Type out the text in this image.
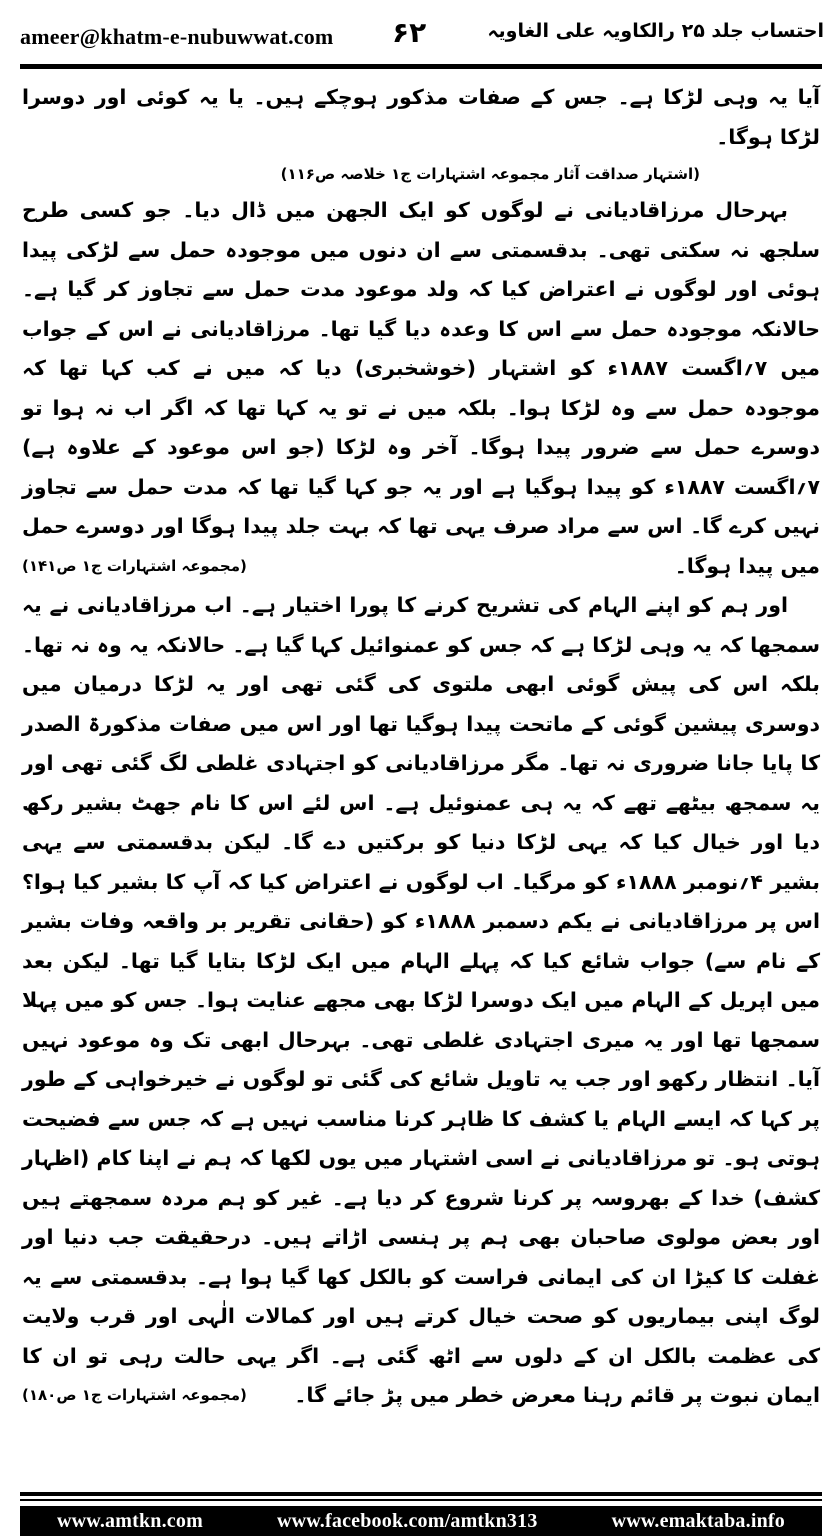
ameer@khatm-e-nubuwwat.com ۶۲	احتساب جلد ۲۵ رالکاویہ علی الغاویہ

آیا یہ وہی لڑکا ہے۔ جس کے صفات مذکور ہوچکے ہیں۔ یا یہ کوئی اور دوسرا لڑکا ہوگا۔

(اشتہار صداقت آثار مجموعہ اشتہارات ج۱ خلاصہ ص۱۱۶)

بہرحال مرزاقادیانی نے لوگوں کو ایک الجھن میں ڈال دیا۔ جو کسی طرح سلجھ نہ سکتی تھی۔ بدقسمتی سے ان دنوں میں موجودہ حمل سے لڑکی پیدا ہوئی اور لوگوں نے اعتراض کیا کہ ولد موعود مدت حمل سے تجاوز کر گیا ہے۔ حالانکہ موجودہ حمل سے اس کا وعدہ دیا گیا تھا۔ مرزاقادیانی نے اس کے جواب میں ۷؍اگست ۱۸۸۷ء کو اشتہار (خوشخبری) دیا کہ میں نے کب کہا تھا کہ موجودہ حمل سے وہ لڑکا ہوا۔ بلکہ میں نے تو یہ کہا تھا کہ اگر اب نہ ہوا تو دوسرے حمل سے ضرور پیدا ہوگا۔ آخر وہ لڑکا (جو اس موعود کے علاوہ ہے) ۷؍اگست ۱۸۸۷ء کو پیدا ہوگیا ہے اور یہ جو کہا گیا تھا کہ مدت حمل سے تجاوز نہیں کرے گا۔ اس سے مراد صرف یہی تھا کہ بہت جلد پیدا ہوگا اور دوسرے حمل میں پیدا ہوگا۔
(مجموعہ اشتہارات ج۱ ص۱۴۱)

اور ہم کو اپنے الہام کی تشریح کرنے کا پورا اختیار ہے۔ اب مرزاقادیانی نے یہ سمجھا کہ یہ وہی لڑکا ہے کہ جس کو عمنوائیل کہا گیا ہے۔ حالانکہ یہ وہ نہ تھا۔ بلکہ اس کی پیش گوئی ابھی ملتوی کی گئی تھی اور یہ لڑکا درمیان میں دوسری پیشین گوئی کے ماتحت پیدا ہوگیا تھا اور اس میں صفات مذکورۃ الصدر کا پایا جانا ضروری نہ تھا۔ مگر مرزاقادیانی کو اجتہادی غلطی لگ گئی تھی اور یہ سمجھ بیٹھے تھے کہ یہ ہی عمنوئیل ہے۔ اس لئے اس کا نام جھٹ بشیر رکھ دیا اور خیال کیا کہ یہی لڑکا دنیا کو برکتیں دے گا۔ لیکن بدقسمتی سے یہی بشیر ۴؍نومبر ۱۸۸۸ء کو مرگیا۔ اب لوگوں نے اعتراض کیا کہ آپ کا بشیر کیا ہوا؟ اس پر مرزاقادیانی نے یکم دسمبر ۱۸۸۸ء کو (حقانی تقریر بر واقعہ وفات بشیر کے نام سے) جواب شائع کیا کہ پہلے الہام میں ایک لڑکا بتایا گیا تھا۔ لیکن بعد میں اپریل کے الہام میں ایک دوسرا لڑکا بھی مجھے عنایت ہوا۔ جس کو میں پہلا سمجھا تھا اور یہ میری اجتہادی غلطی تھی۔ بہرحال ابھی تک وہ موعود نہیں آیا۔ انتظار رکھو اور جب یہ تاویل شائع کی گئی تو لوگوں نے خیرخواہی کے طور پر کہا کہ ایسے الہام یا کشف کا ظاہر کرنا مناسب نہیں ہے کہ جس سے فضیحت ہوتی ہو۔ تو مرزاقادیانی نے اسی اشتہار میں یوں لکھا کہ ہم نے اپنا کام (اظہار کشف) خدا کے بھروسہ پر کرنا شروع کر دیا ہے۔ غیر کو ہم مردہ سمجھتے ہیں اور بعض مولوی صاحبان بھی ہم پر ہنسی اڑاتے ہیں۔ درحقیقت جب دنیا اور غفلت کا کیڑا ان کی ایمانی فراست کو بالکل کھا گیا ہوا ہے۔ بدقسمتی سے یہ لوگ اپنی بیماریوں کو صحت خیال کرتے ہیں اور کمالات الٰہی اور قرب ولایت کی عظمت بالکل ان کے دلوں سے اٹھ گئی ہے۔ اگر یہی حالت رہی تو ان کا ایمان نبوت پر قائم رہنا معرض خطر میں پڑ جائے گا۔
(مجموعہ اشتہارات ج۱ ص۱۸۰)

www.amtkn.com	www.facebook.com/amtkn313	www.emaktaba.info
